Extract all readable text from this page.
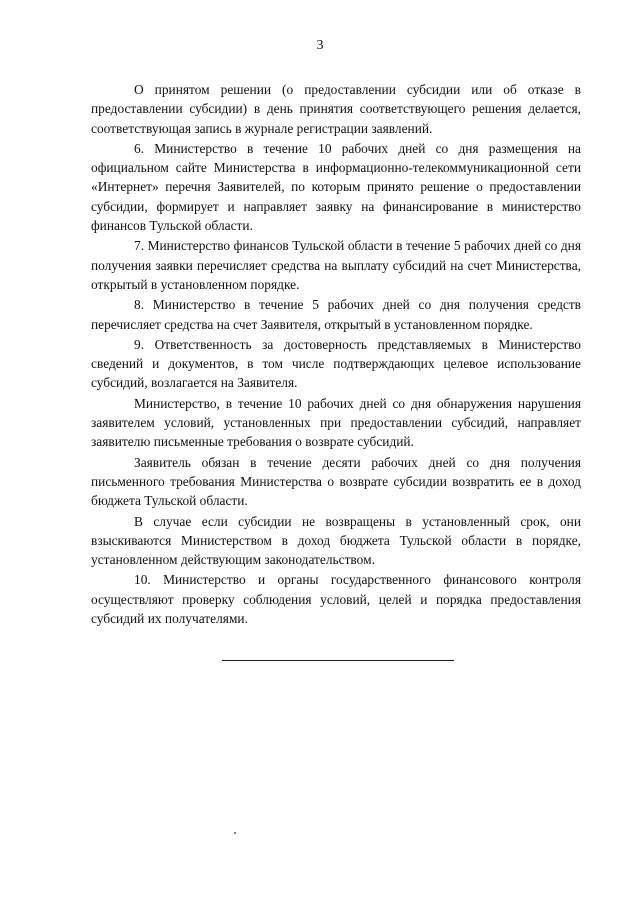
3

О принятом решении (о предоставлении субсидии или об отказе в предоставлении субсидии) в день принятия соответствующего решения делается, соответствующая запись в журнале регистрации заявлений.

6. Министерство в течение 10 рабочих дней со дня размещения на официальном сайте Министерства в информационно-телекоммуникационной сети «Интернет» перечня Заявителей, по которым принято решение о предоставлении субсидии, формирует и направляет заявку на финансирование в министерство финансов Тульской области.

7. Министерство финансов Тульской области в течение 5 рабочих дней со дня получения заявки перечисляет средства на выплату субсидий на счет Министерства, открытый в установленном порядке.

8. Министерство в течение 5 рабочих дней со дня получения средств перечисляет средства на счет Заявителя, открытый в установленном порядке.

9. Ответственность за достоверность представляемых в Министерство сведений и документов, в том числе подтверждающих целевое использование субсидий, возлагается на Заявителя.

Министерство, в течение 10 рабочих дней со дня обнаружения нарушения заявителем условий, установленных при предоставлении субсидий, направляет заявителю письменные требования о возврате субсидий.

Заявитель обязан в течение десяти рабочих дней со дня получения письменного требования Министерства о возврате субсидии возвратить ее в доход бюджета Тульской области.

В случае если субсидии не возвращены в установленный срок, они взыскиваются Министерством в доход бюджета Тульской области в порядке, установленном действующим законодательством.

10. Министерство и органы государственного финансового контроля осуществляют проверку соблюдения условий, целей и порядка предоставления субсидий их получателями.
